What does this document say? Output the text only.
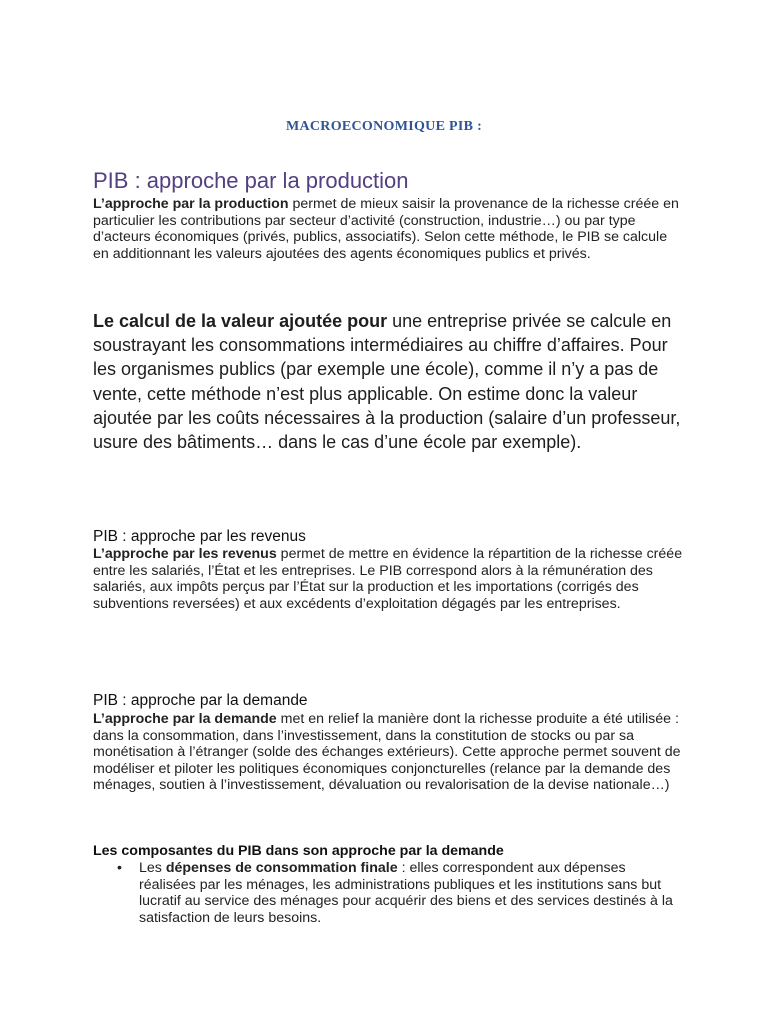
MACROECONOMIQUE PIB :
PIB : approche par la production

L’approche par la production permet de mieux saisir la provenance de la richesse créée en particulier les contributions par secteur d’activité (construction, industrie…) ou par type d’acteurs économiques (privés, publics, associatifs). Selon cette méthode, le PIB se calcule en additionnant les valeurs ajoutées des agents économiques publics et privés.

Le calcul de la valeur ajoutée pour une entreprise privée se calcule en soustrayant les consommations intermédiaires au chiffre d’affaires. Pour les organismes publics (par exemple une école), comme il n’y a pas de vente, cette méthode n’est plus applicable. On estime donc la valeur ajoutée par les coûts nécessaires à la production (salaire d’un professeur, usure des bâtiments… dans le cas d’une école par exemple).

PIB : approche par les revenus

L’approche par les revenus permet de mettre en évidence la répartition de la richesse créée entre les salariés, l’État et les entreprises. Le PIB correspond alors à la rémunération des salariés, aux impôts perçus par l’État sur la production et les importations (corrigés des subventions reversées) et aux excédents d’exploitation dégagés par les entreprises.

PIB : approche par la demande

L’approche par la demande met en relief la manière dont la richesse produite a été utilisée : dans la consommation, dans l’investissement, dans la constitution de stocks ou par sa monétisation à l’étranger (solde des échanges extérieurs). Cette approche permet souvent de modéliser et piloter les politiques économiques conjoncturelles (relance par la demande des ménages, soutien à l’investissement, dévaluation ou revalorisation de la devise nationale…)

Les composantes du PIB dans son approche par la demande
• Les dépenses de consommation finale : elles correspondent aux dépenses réalisées par les ménages, les administrations publiques et les institutions sans but lucratif au service des ménages pour acquérir des biens et des services destinés à la satisfaction de leurs besoins.
